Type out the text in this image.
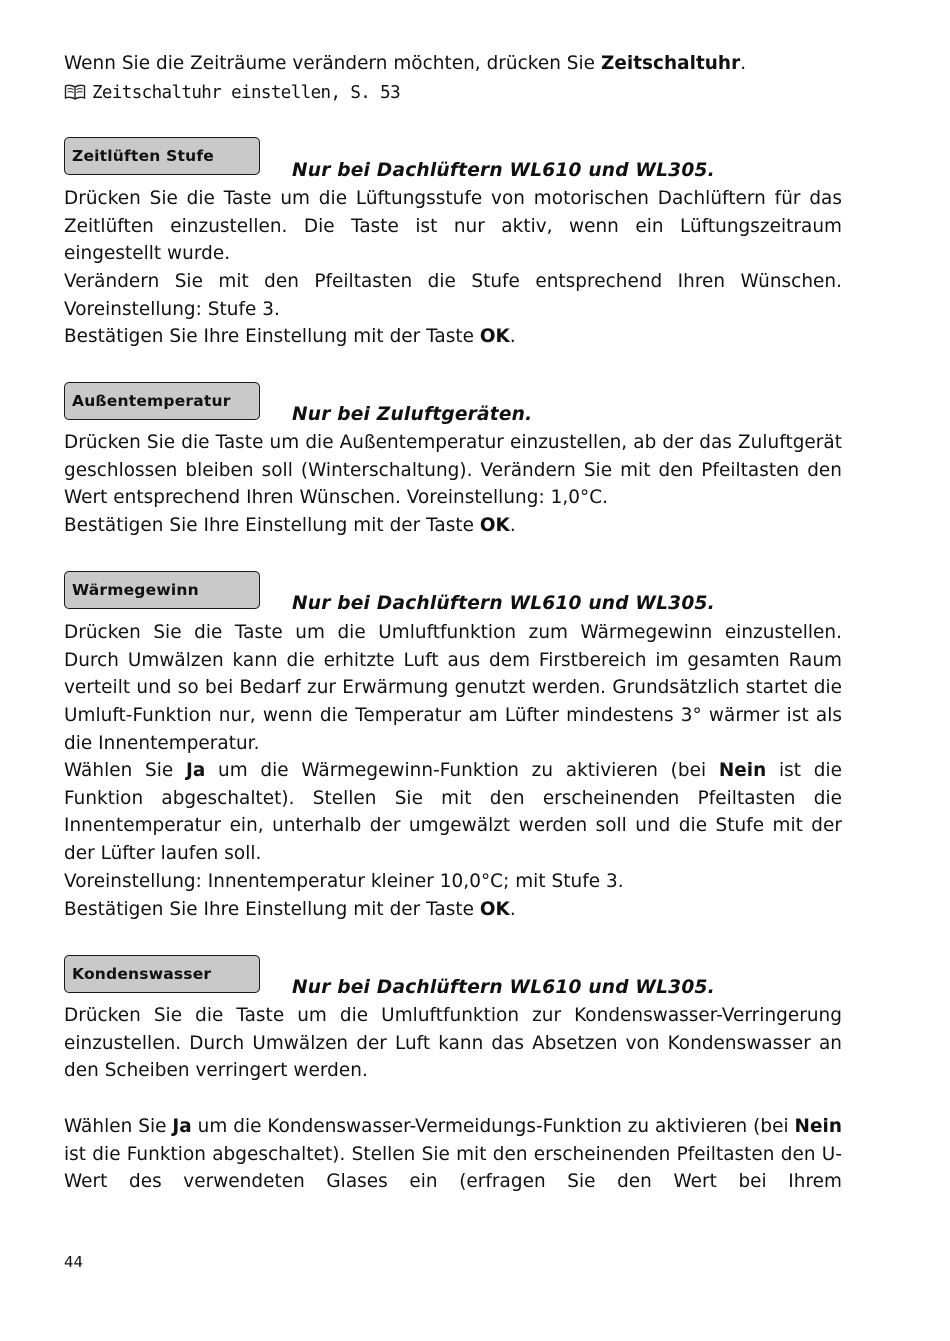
Wenn Sie die Zeiträume verändern möchten, drücken Sie Zeitschaltuhr.
Zeitschaltuhr einstellen, S. 53
Zeitlüften Stufe
Nur bei Dachlüftern WL610 und WL305.
Drücken Sie die Taste um die Lüftungsstufe von motorischen Dachlüftern für das Zeitlüften einzustellen. Die Taste ist nur aktiv, wenn ein Lüftungszeitraum eingestellt wurde.
Verändern Sie mit den Pfeiltasten die Stufe entsprechend Ihren Wünschen. Voreinstellung: Stufe 3.
Bestätigen Sie Ihre Einstellung mit der Taste OK.
Außentemperatur
Nur bei Zuluftgeräten.
Drücken Sie die Taste um die Außentemperatur einzustellen, ab der das Zuluftgerät geschlossen bleiben soll (Winterschaltung). Verändern Sie mit den Pfeiltasten den Wert entsprechend Ihren Wünschen. Voreinstellung: 1,0°C.
Bestätigen Sie Ihre Einstellung mit der Taste OK.
Wärmegewinn
Nur bei Dachlüftern WL610 und WL305.
Drücken Sie die Taste um die Umluftfunktion zum Wärmegewinn einzustellen. Durch Umwälzen kann die erhitzte Luft aus dem Firstbereich im gesamten Raum verteilt und so bei Bedarf zur Erwärmung genutzt werden. Grundsätzlich startet die Umluft-Funktion nur, wenn die Temperatur am Lüfter mindestens 3° wärmer ist als die Innentemperatur.
Wählen Sie Ja um die Wärmegewinn-Funktion zu aktivieren (bei Nein ist die Funktion abgeschaltet). Stellen Sie mit den erscheinenden Pfeiltasten die Innentemperatur ein, unterhalb der umgewälzt werden soll und die Stufe mit der der Lüfter laufen soll.
Voreinstellung: Innentemperatur kleiner 10,0°C; mit Stufe 3.
Bestätigen Sie Ihre Einstellung mit der Taste OK.
Kondenswasser
Nur bei Dachlüftern WL610 und WL305.
Drücken Sie die Taste um die Umluftfunktion zur Kondenswasser-Verringerung einzustellen. Durch Umwälzen der Luft kann das Absetzen von Kondenswasser an den Scheiben verringert werden.
Wählen Sie Ja um die Kondenswasser-Vermeidungs-Funktion zu aktivieren (bei Nein ist die Funktion abgeschaltet). Stellen Sie mit den erscheinenden Pfeiltasten den U-Wert des verwendeten Glases ein (erfragen Sie den Wert bei Ihrem
44
